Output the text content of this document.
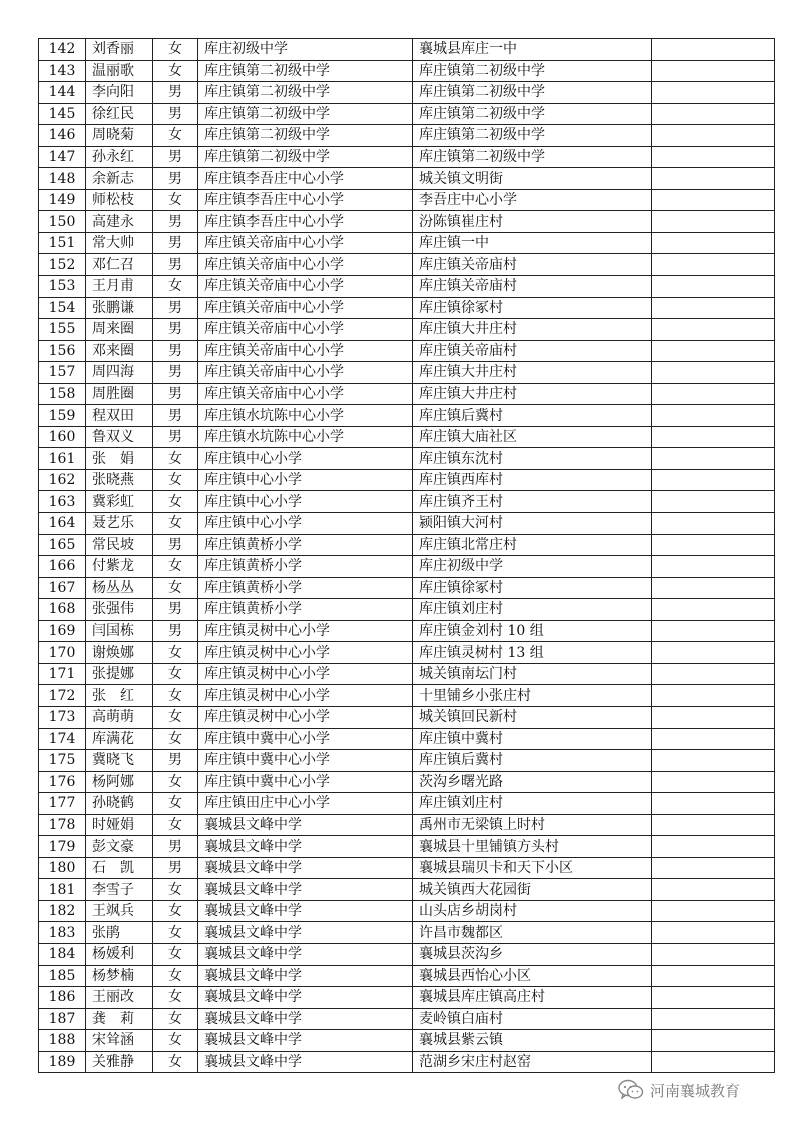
142	刘香丽	女	库庄初级中学	襄城县库庄一中	
143	温丽歌	女	库庄镇第二初级中学	库庄镇第二初级中学	
144	李向阳	男	库庄镇第二初级中学	库庄镇第二初级中学	
145	徐红民	男	库庄镇第二初级中学	库庄镇第二初级中学	
146	周晓菊	女	库庄镇第二初级中学	库庄镇第二初级中学	
147	孙永红	男	库庄镇第二初级中学	库庄镇第二初级中学	
148	余新志	男	库庄镇李吾庄中心小学	城关镇文明街	
149	师松枝	女	库庄镇李吾庄中心小学	李吾庄中心小学	
150	高建永	男	库庄镇李吾庄中心小学	汾陈镇崔庄村	
151	常大帅	男	库庄镇关帝庙中心小学	库庄镇一中	
152	邓仁召	男	库庄镇关帝庙中心小学	库庄镇关帝庙村	
153	王月甫	女	库庄镇关帝庙中心小学	库庄镇关帝庙村	
154	张鹏谦	男	库庄镇关帝庙中心小学	库庄镇徐冢村	
155	周来圈	男	库庄镇关帝庙中心小学	库庄镇大井庄村	
156	邓来圈	男	库庄镇关帝庙中心小学	库庄镇关帝庙村	
157	周四海	男	库庄镇关帝庙中心小学	库庄镇大井庄村	
158	周胜圈	男	库庄镇关帝庙中心小学	库庄镇大井庄村	
159	程双田	男	库庄镇水坑陈中心小学	库庄镇后冀村	
160	鲁双义	男	库庄镇水坑陈中心小学	库庄镇大庙社区	
161	张　娟	女	库庄镇中心小学	库庄镇东沈村	
162	张晓燕	女	库庄镇中心小学	库庄镇西库村	
163	冀彩虹	女	库庄镇中心小学	库庄镇齐王村	
164	聂艺乐	女	库庄镇中心小学	颍阳镇大河村	
165	常民坡	男	库庄镇黄桥小学	库庄镇北常庄村	
166	付紫龙	女	库庄镇黄桥小学	库庄初级中学	
167	杨丛丛	女	库庄镇黄桥小学	库庄镇徐冢村	
168	张强伟	男	库庄镇黄桥小学	库庄镇刘庄村	
169	闫国栋	男	库庄镇灵树中心小学	库庄镇金刘村 10 组	
170	谢焕娜	女	库庄镇灵树中心小学	库庄镇灵树村 13 组	
171	张提娜	女	库庄镇灵树中心小学	城关镇南坛门村	
172	张　红	女	库庄镇灵树中心小学	十里铺乡小张庄村	
173	高萌萌	女	库庄镇灵树中心小学	城关镇回民新村	
174	库满花	女	库庄镇中冀中心小学	库庄镇中冀村	
175	冀晓飞	男	库庄镇中冀中心小学	库庄镇后冀村	
176	杨阿娜	女	库庄镇中冀中心小学	茨沟乡曙光路	
177	孙晓鹤	女	库庄镇田庄中心小学	库庄镇刘庄村	
178	时娅娟	女	襄城县文峰中学	禹州市无梁镇上时村	
179	彭文豪	男	襄城县文峰中学	襄城县十里铺镇方头村	
180	石　凯	男	襄城县文峰中学	襄城县瑞贝卡和天下小区	
181	李雪子	女	襄城县文峰中学	城关镇西大花园街	
182	王飒兵	女	襄城县文峰中学	山头店乡胡岗村	
183	张鹃	女	襄城县文峰中学	许昌市魏都区	
184	杨媛利	女	襄城县文峰中学	襄城县茨沟乡	
185	杨梦楠	女	襄城县文峰中学	襄城县西怡心小区	
186	王丽改	女	襄城县文峰中学	襄城县库庄镇高庄村	
187	龚　莉	女	襄城县文峰中学	麦岭镇白庙村	
188	宋耸涵	女	襄城县文峰中学	襄城县紫云镇	
189	关雅静	女	襄城县文峰中学	范湖乡宋庄村赵窑	
河南襄城教育
